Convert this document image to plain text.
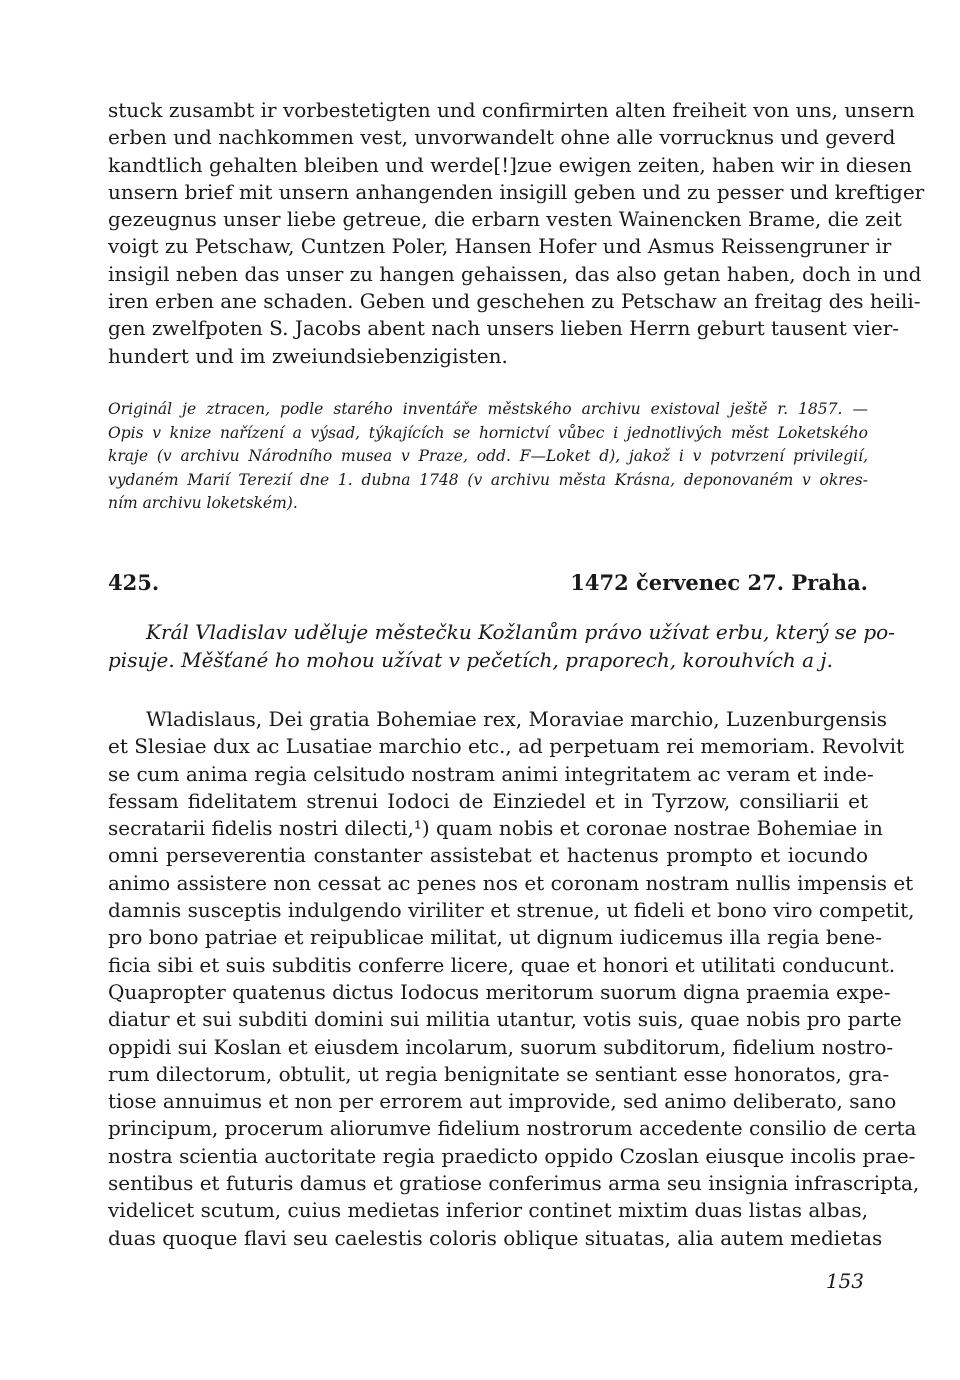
stuck zusambt ir vorbestetigten und confirmirten alten freiheit von uns, unsern
erben und nachkommen vest, unvorwandelt ohne alle vorrucknus und geverd
kandtlich gehalten bleiben und werde[!]zue ewigen zeiten, haben wir in diesen
unsern brief mit unsern anhangenden insigill geben und zu pesser und kreftiger
gezeugnus unser liebe getreue, die erbarn vesten Wainencken Brame, die zeit
voigt zu Petschaw, Cuntzen Poler, Hansen Hofer und Asmus Reissengruner ir
insigil neben das unser zu hangen gehaissen, das also getan haben, doch in und
iren erben ane schaden. Geben und geschehen zu Petschaw an freitag des heili-
gen zwelfpoten S. Jacobs abent nach unsers lieben Herrn geburt tausent vier-
hundert und im zweiundsiebenzigisten.
Originál je ztracen, podle starého inventáře městského archivu existoval ještě r. 1857. —
Opis v knize nařízení a výsad, týkajících se hornictví vůbec i jednotlivých měst Loketského
kraje (v archivu Národního musea v Praze, odd. F—Loket d), jakož i v potvrzení privilegií,
vydaném Marií Terezií dne 1. dubna 1748 (v archivu města Krásna, deponovaném v okres-
ním archivu loketském).
425.	1472 červenec 27. Praha.
Král Vladislav uděluje městečku Kožlanům právo užívat erbu, který se po-
pisuje. Měšťané ho mohou užívat v pečetích, praporech, korouhvích a j.
Wladislaus, Dei gratia Bohemiae rex, Moraviae marchio, Luzenburgensis
et Slesiae dux ac Lusatiae marchio etc., ad perpetuam rei memoriam. Revolvit
se cum anima regia celsitudo nostram animi integritatem ac veram et inde-
fessam fidelitatem strenui Iodoci de Einziedel et in Tyrzow, consiliarii et
secratarii fidelis nostri dilecti,¹) quam nobis et coronae nostrae Bohemiae in
omni perseverentia constanter assistebat et hactenus prompto et iocundo
animo assistere non cessat ac penes nos et coronam nostram nullis impensis et
damnis susceptis indulgendo viriliter et strenue, ut fideli et bono viro competit,
pro bono patriae et reipublicae militat, ut dignum iudicemus illa regia bene-
ficia sibi et suis subditis conferre licere, quae et honori et utilitati conducunt.
Quapropter quatenus dictus Iodocus meritorum suorum digna praemia expe-
diatur et sui subditi domini sui militia utantur, votis suis, quae nobis pro parte
oppidi sui Koslan et eiusdem incolarum, suorum subditorum, fidelium nostro-
rum dilectorum, obtulit, ut regia benignitate se sentiant esse honoratos, gra-
tiose annuimus et non per errorem aut improvide, sed animo deliberato, sano
principum, procerum aliorumve fidelium nostrorum accedente consilio de certa
nostra scientia auctoritate regia praedicto oppido Czoslan eiusque incolis prae-
sentibus et futuris damus et gratiose conferimus arma seu insignia infrascripta,
videlicet scutum, cuius medietas inferior continet mixtim duas listas albas,
duas quoque flavi seu caelestis coloris oblique situatas, alia autem medietas
153
